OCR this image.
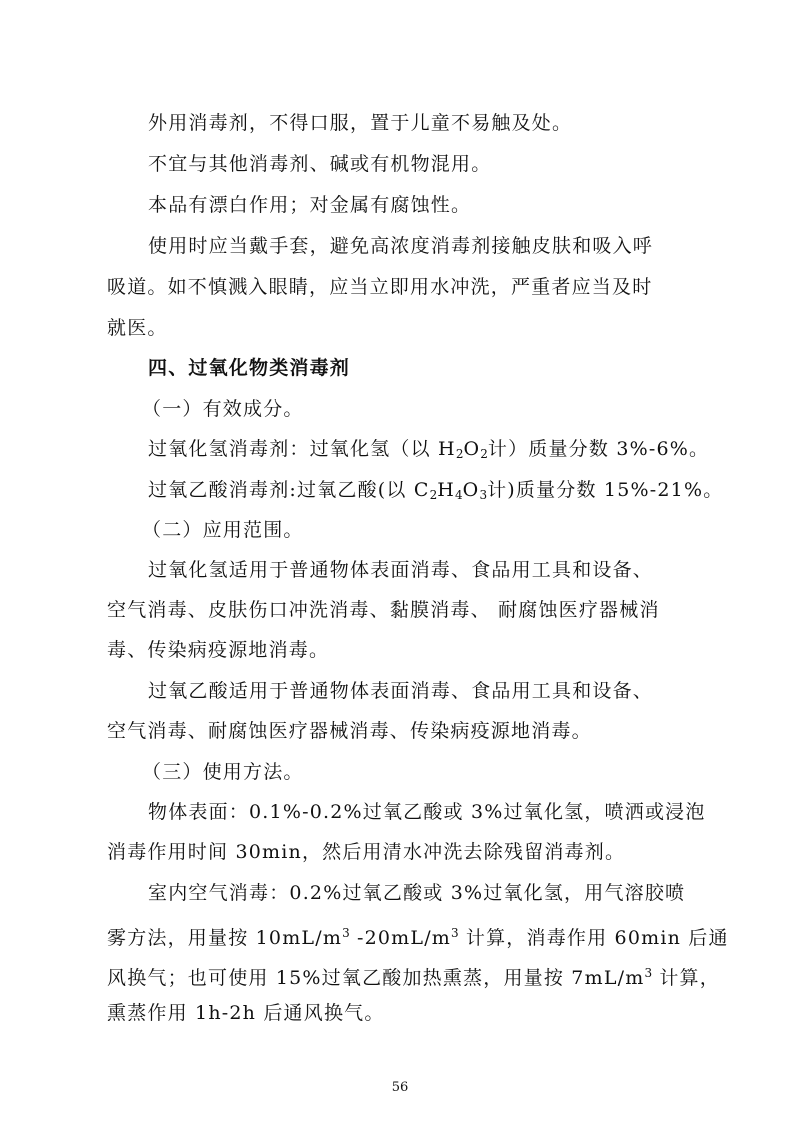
外用消毒剂，不得口服，置于儿童不易触及处。
不宜与其他消毒剂、碱或有机物混用。
本品有漂白作用；对金属有腐蚀性。
使用时应当戴手套，避免高浓度消毒剂接触皮肤和吸入呼
吸道。如不慎溅入眼睛，应当立即用水冲洗，严重者应当及时
就医。
四、过氧化物类消毒剂
（一）有效成分。
过氧化氢消毒剂：过氧化氢（以 $H_2O_2$计）质量分数 3%-6%。
过氧乙酸消毒剂:过氧乙酸(以 $C_2H_4O_3$计)质量分数 15%-21%。
（二）应用范围。
过氧化氢适用于普通物体表面消毒、食品用工具和设备、
空气消毒、皮肤伤口冲洗消毒、黏膜消毒、 耐腐蚀医疗器械消
毒、传染病疫源地消毒。
过氧乙酸适用于普通物体表面消毒、食品用工具和设备、
空气消毒、耐腐蚀医疗器械消毒、传染病疫源地消毒。
（三）使用方法。
物体表面：0.1%-0.2%过氧乙酸或 3%过氧化氢，喷洒或浸泡
消毒作用时间 30min，然后用清水冲洗去除残留消毒剂。
室内空气消毒：0.2%过氧乙酸或 3%过氧化氢，用气溶胶喷
雾方法，用量按 $10mL/m^3$ $-20mL/m^3$ 计算，消毒作用 60min 后通
风换气；也可使用 15%过氧乙酸加热熏蒸，用量按 $7mL/m^3$ 计算，
熏蒸作用 1h-2h 后通风换气。
56
